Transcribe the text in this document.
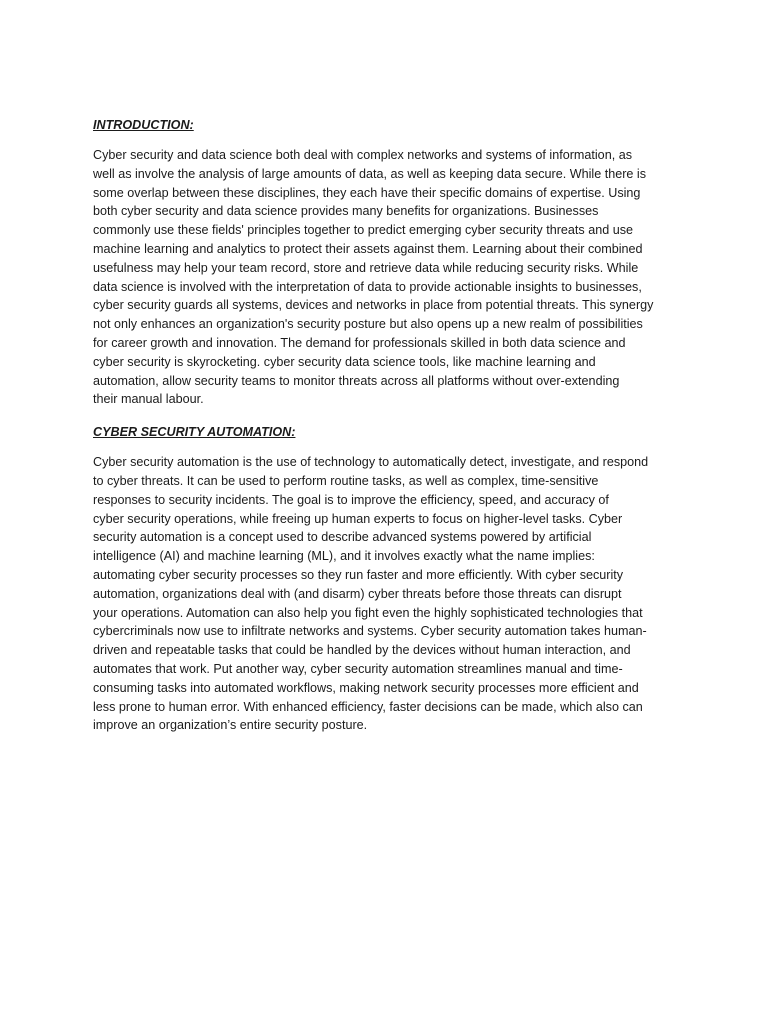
INTRODUCTION:
Cyber security and data science both deal with complex networks and systems of information, as
well as involve the analysis of large amounts of data, as well as keeping data secure. While there is
some overlap between these disciplines, they each have their specific domains of expertise. Using
both cyber security and data science provides many benefits for organizations. Businesses
commonly use these fields' principles together to predict emerging cyber security threats and use
machine learning and analytics to protect their assets against them. Learning about their combined
usefulness may help your team record, store and retrieve data while reducing security risks. While
data science is involved with the interpretation of data to provide actionable insights to businesses,
cyber security guards all systems, devices and networks in place from potential threats. This synergy
not only enhances an organization's security posture but also opens up a new realm of possibilities
for career growth and innovation. The demand for professionals skilled in both data science and
cyber security is skyrocketing. cyber security data science tools, like machine learning and
automation, allow security teams to monitor threats across all platforms without over-extending
their manual labour.
CYBER SECURITY AUTOMATION:
Cyber security automation is the use of technology to automatically detect, investigate, and respond
to cyber threats. It can be used to perform routine tasks, as well as complex, time-sensitive
responses to security incidents. The goal is to improve the efficiency, speed, and accuracy of
cyber security operations, while freeing up human experts to focus on higher-level tasks. Cyber
security automation is a concept used to describe advanced systems powered by artificial
intelligence (AI) and machine learning (ML), and it involves exactly what the name implies:
automating cyber security processes so they run faster and more efficiently. With cyber security
automation, organizations deal with (and disarm) cyber threats before those threats can disrupt
your operations. Automation can also help you fight even the highly sophisticated technologies that
cybercriminals now use to infiltrate networks and systems. Cyber security automation takes human-
driven and repeatable tasks that could be handled by the devices without human interaction, and
automates that work. Put another way, cyber security automation streamlines manual and time-
consuming tasks into automated workflows, making network security processes more efficient and
less prone to human error. With enhanced efficiency, faster decisions can be made, which also can
improve an organization’s entire security posture.
